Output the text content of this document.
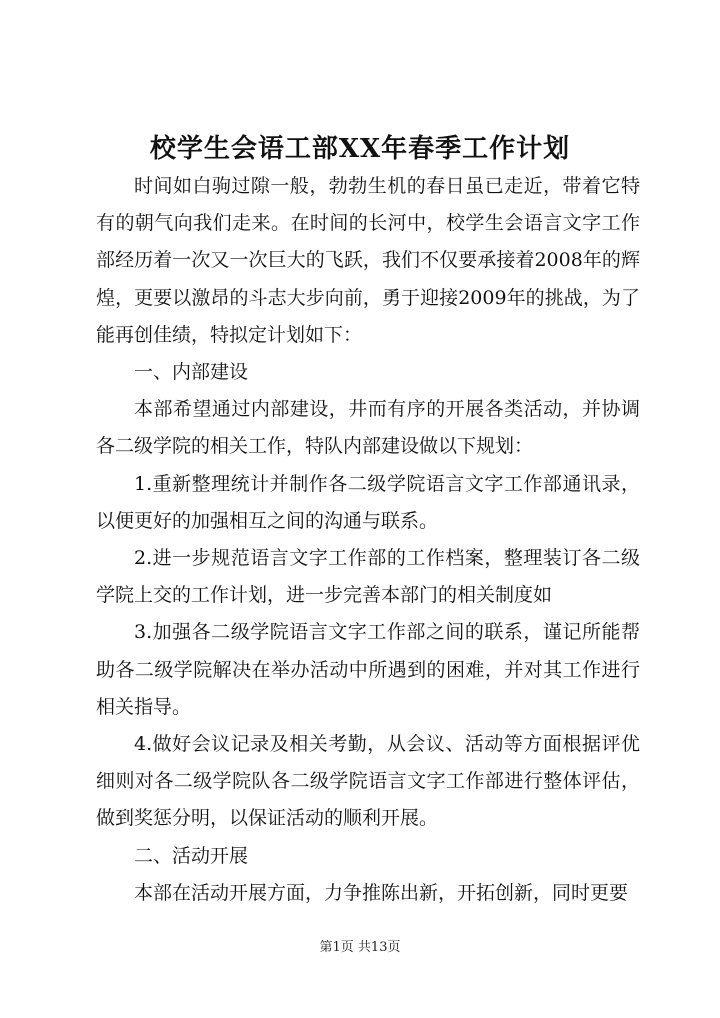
校学生会语工部XX年春季工作计划

时间如白驹过隙一般，勃勃生机的春日虽已走近，带着它特有的朝气向我们走来。在时间的长河中，校学生会语言文字工作部经历着一次又一次巨大的飞跃，我们不仅要承接着2008年的辉煌，更要以激昂的斗志大步向前，勇于迎接2009年的挑战，为了能再创佳绩，特拟定计划如下：

一、内部建设

本部希望通过内部建设，井而有序的开展各类活动，并协调各二级学院的相关工作，特队内部建设做以下规划：

1.重新整理统计并制作各二级学院语言文字工作部通讯录，以便更好的加强相互之间的沟通与联系。

2.进一步规范语言文字工作部的工作档案，整理装订各二级学院上交的工作计划，进一步完善本部门的相关制度如

3.加强各二级学院语言文字工作部之间的联系，谨记所能帮助各二级学院解决在举办活动中所遇到的困难，并对其工作进行相关指导。

4.做好会议记录及相关考勤，从会议、活动等方面根据评优细则对各二级学院队各二级学院语言文字工作部进行整体评估，做到奖惩分明，以保证活动的顺利开展。

二、活动开展

本部在活动开展方面，力争推陈出新，开拓创新，同时更要

第1页 共13页
